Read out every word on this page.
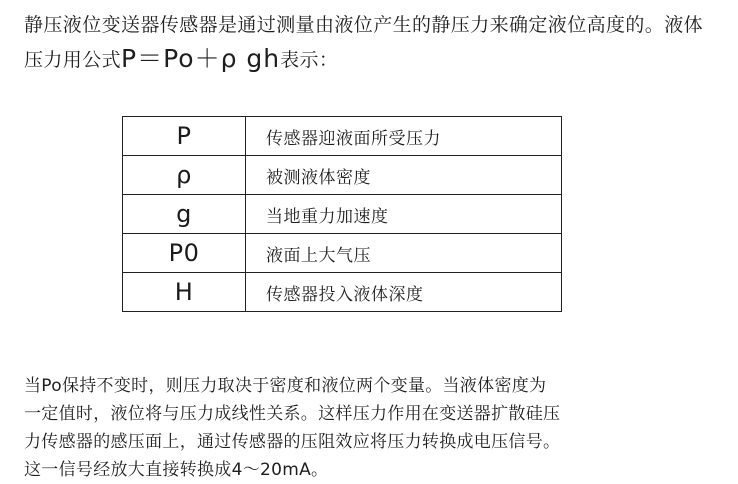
静压液位变送器传感器是通过测量由液位产生的静压力来确定液位高度的。液体压力用公式P＝Po＋ρ gh表示：
P	传感器迎液面所受压力
ρ	被测液体密度
g	当地重力加速度
P0	液面上大气压
H	传感器投入液体深度

当Po保持不变时，则压力取决于密度和液位两个变量。当液体密度为

一定值时，液位将与压力成线性关系。这样压力作用在变送器扩散硅压

力传感器的感压面上，通过传感器的压阻效应将压力转换成电压信号。

这一信号经放大直接转换成4～20mA。
